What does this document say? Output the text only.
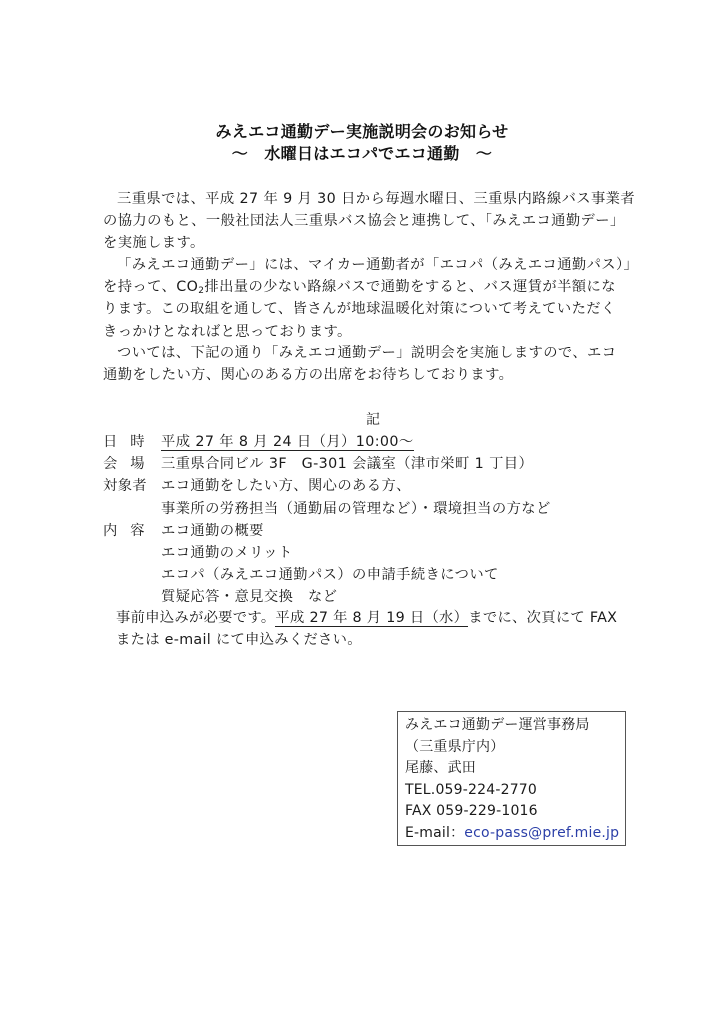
みえエコ通勤デー実施説明会のお知らせ
～　水曜日はエコパでエコ通勤　～
三重県では、平成 27 年 9 月 30 日から毎週水曜日、三重県内路線バス事業者
の協力のもと、一般社団法人三重県バス協会と連携して、「みえエコ通勤デー」
を実施します。
「みえエコ通勤デー」には、マイカー通勤者が「エコパ（みえエコ通勤パス）」
を持って、$CO_2$排出量の少ない路線バスで通勤をすると、バス運賃が半額にな
ります。この取組を通して、皆さんが地球温暖化対策について考えていただく
きっかけとなればと思っております。
ついては、下記の通り「みえエコ通勤デー」説明会を実施しますので、エコ
通勤をしたい方、関心のある方の出席をお待ちしております。
記
日時 平成 27 年 8 月 24 日（月）10:00～
会場 三重県合同ビル 3F　G-301 会議室（津市栄町 1 丁目）
対象者 エコ通勤をしたい方、関心のある方、
事業所の労務担当（通勤届の管理など）・環境担当の方など
内容 エコ通勤の概要
エコ通勤のメリット
エコパ（みえエコ通勤パス）の申請手続きについて
質疑応答・意見交換　など
事前申込みが必要です。平成 27 年 8 月 19 日（水）までに、次頁にて FAX
または e-mail にて申込みください。
みえエコ通勤デー運営事務局
（三重県庁内）
尾藤、武田
TEL.059-224-2770
FAX 059-229-1016
E-mail：eco-pass@pref.mie.jp
